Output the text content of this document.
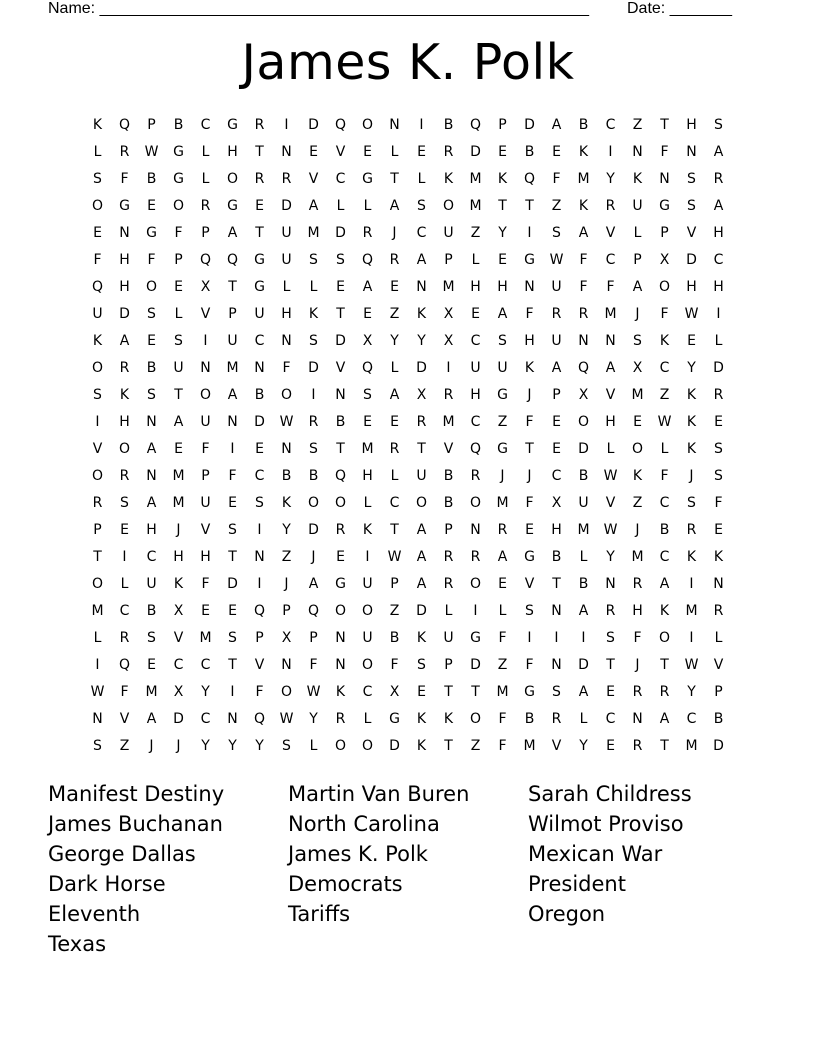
Name: _______________________________________________________ Date: _______
James K. Polk
K	Q	P	B	C	G	R	I	D	Q	O	N	I	B	Q	P	D	A	B	C	Z	T	H	S
L	R	W	G	L	H	T	N	E	V	E	L	E	R	D	E	B	E	K	I	N	F	N	A
S	F	B	G	L	O	R	R	V	C	G	T	L	K	M	K	Q	F	M	Y	K	N	S	R
O	G	E	O	R	G	E	D	A	L	L	A	S	O	M	T	T	Z	K	R	U	G	S	A
E	N	G	F	P	A	T	U	M	D	R	J	C	U	Z	Y	I	S	A	V	L	P	V	H
F	H	F	P	Q	Q	G	U	S	S	Q	R	A	P	L	E	G	W	F	C	P	X	D	C
Q	H	O	E	X	T	G	L	L	E	A	E	N	M	H	H	N	U	F	F	A	O	H	H
U	D	S	L	V	P	U	H	K	T	E	Z	K	X	E	A	F	R	R	M	J	F	W	I
K	A	E	S	I	U	C	N	S	D	X	Y	Y	X	C	S	H	U	N	N	S	K	E	L
O	R	B	U	N	M	N	F	D	V	Q	L	D	I	U	U	K	A	Q	A	X	C	Y	D
S	K	S	T	O	A	B	O	I	N	S	A	X	R	H	G	J	P	X	V	M	Z	K	R
I	H	N	A	U	N	D	W	R	B	E	E	R	M	C	Z	F	E	O	H	E	W	K	E
V	O	A	E	F	I	E	N	S	T	M	R	T	V	Q	G	T	E	D	L	O	L	K	S
O	R	N	M	P	F	C	B	B	Q	H	L	U	B	R	J	J	C	B	W	K	F	J	S
R	S	A	M	U	E	S	K	O	O	L	C	O	B	O	M	F	X	U	V	Z	C	S	F
P	E	H	J	V	S	I	Y	D	R	K	T	A	P	N	R	E	H	M	W	J	B	R	E
T	I	C	H	H	T	N	Z	J	E	I	W	A	R	R	A	G	B	L	Y	M	C	K	K
O	L	U	K	F	D	I	J	A	G	U	P	A	R	O	E	V	T	B	N	R	A	I	N
M	C	B	X	E	E	Q	P	Q	O	O	Z	D	L	I	L	S	N	A	R	H	K	M	R
L	R	S	V	M	S	P	X	P	N	U	B	K	U	G	F	I	I	I	S	F	O	I	L
I	Q	E	C	C	T	V	N	F	N	O	F	S	P	D	Z	F	N	D	T	J	T	W	V
W	F	M	X	Y	I	F	O	W	K	C	X	E	T	T	M	G	S	A	E	R	R	Y	P
N	V	A	D	C	N	Q	W	Y	R	L	G	K	K	O	F	B	R	L	C	N	A	C	B
S	Z	J	J	Y	Y	Y	S	L	O	O	D	K	T	Z	F	M	V	Y	E	R	T	M	D
Manifest Destiny
James Buchanan
George Dallas
Dark Horse
Eleventh
Texas
Martin Van Buren
North Carolina
James K. Polk
Democrats
Tariffs
Sarah Childress
Wilmot Proviso
Mexican War
President
Oregon
